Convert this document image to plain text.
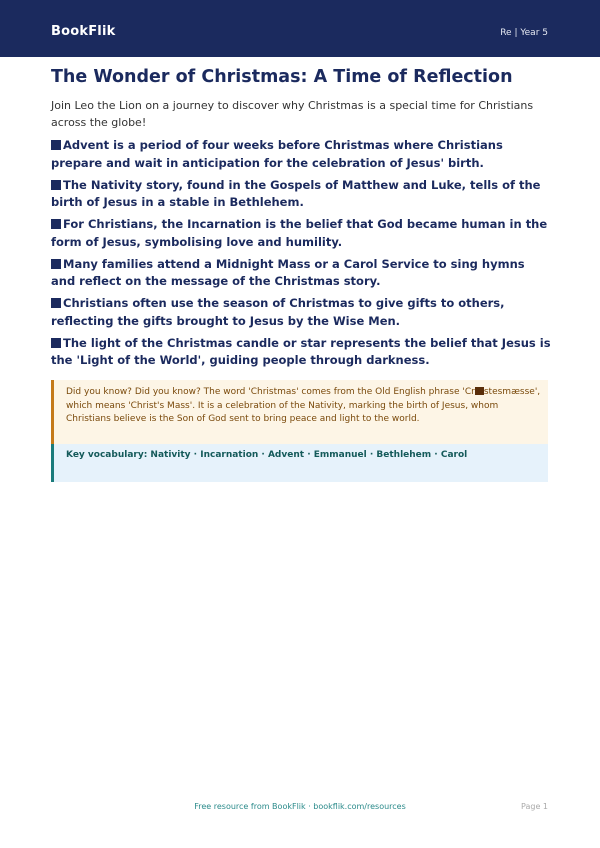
BookFlik	Re | Year 5
The Wonder of Christmas: A Time of Reflection

Join Leo the Lion on a journey to discover why Christmas is a special time for Christians across the globe!

Advent is a period of four weeks before Christmas where Christians prepare and wait in anticipation for the celebration of Jesus' birth.

The Nativity story, found in the Gospels of Matthew and Luke, tells of the birth of Jesus in a stable in Bethlehem.

For Christians, the Incarnation is the belief that God became human in the form of Jesus, symbolising love and humility.

Many families attend a Midnight Mass or a Carol Service to sing hymns and reflect on the message of the Christmas story.

Christians often use the season of Christmas to give gifts to others, reflecting the gifts brought to Jesus by the Wise Men.

The light of the Christmas candle or star represents the belief that Jesus is the 'Light of the World', guiding people through darkness.

Did you know? Did you know? The word 'Christmas' comes from the Old English phrase 'Cr stesmæsse', which means 'Christ's Mass'. It is a celebration of the Nativity, marking the birth of Jesus, whom Christians believe is the Son of God sent to bring peace and light to the world.

Key vocabulary: Nativity · Incarnation · Advent · Emmanuel · Bethlehem · Carol

Free resource from BookFlik · bookflik.com/resources	Page 1
